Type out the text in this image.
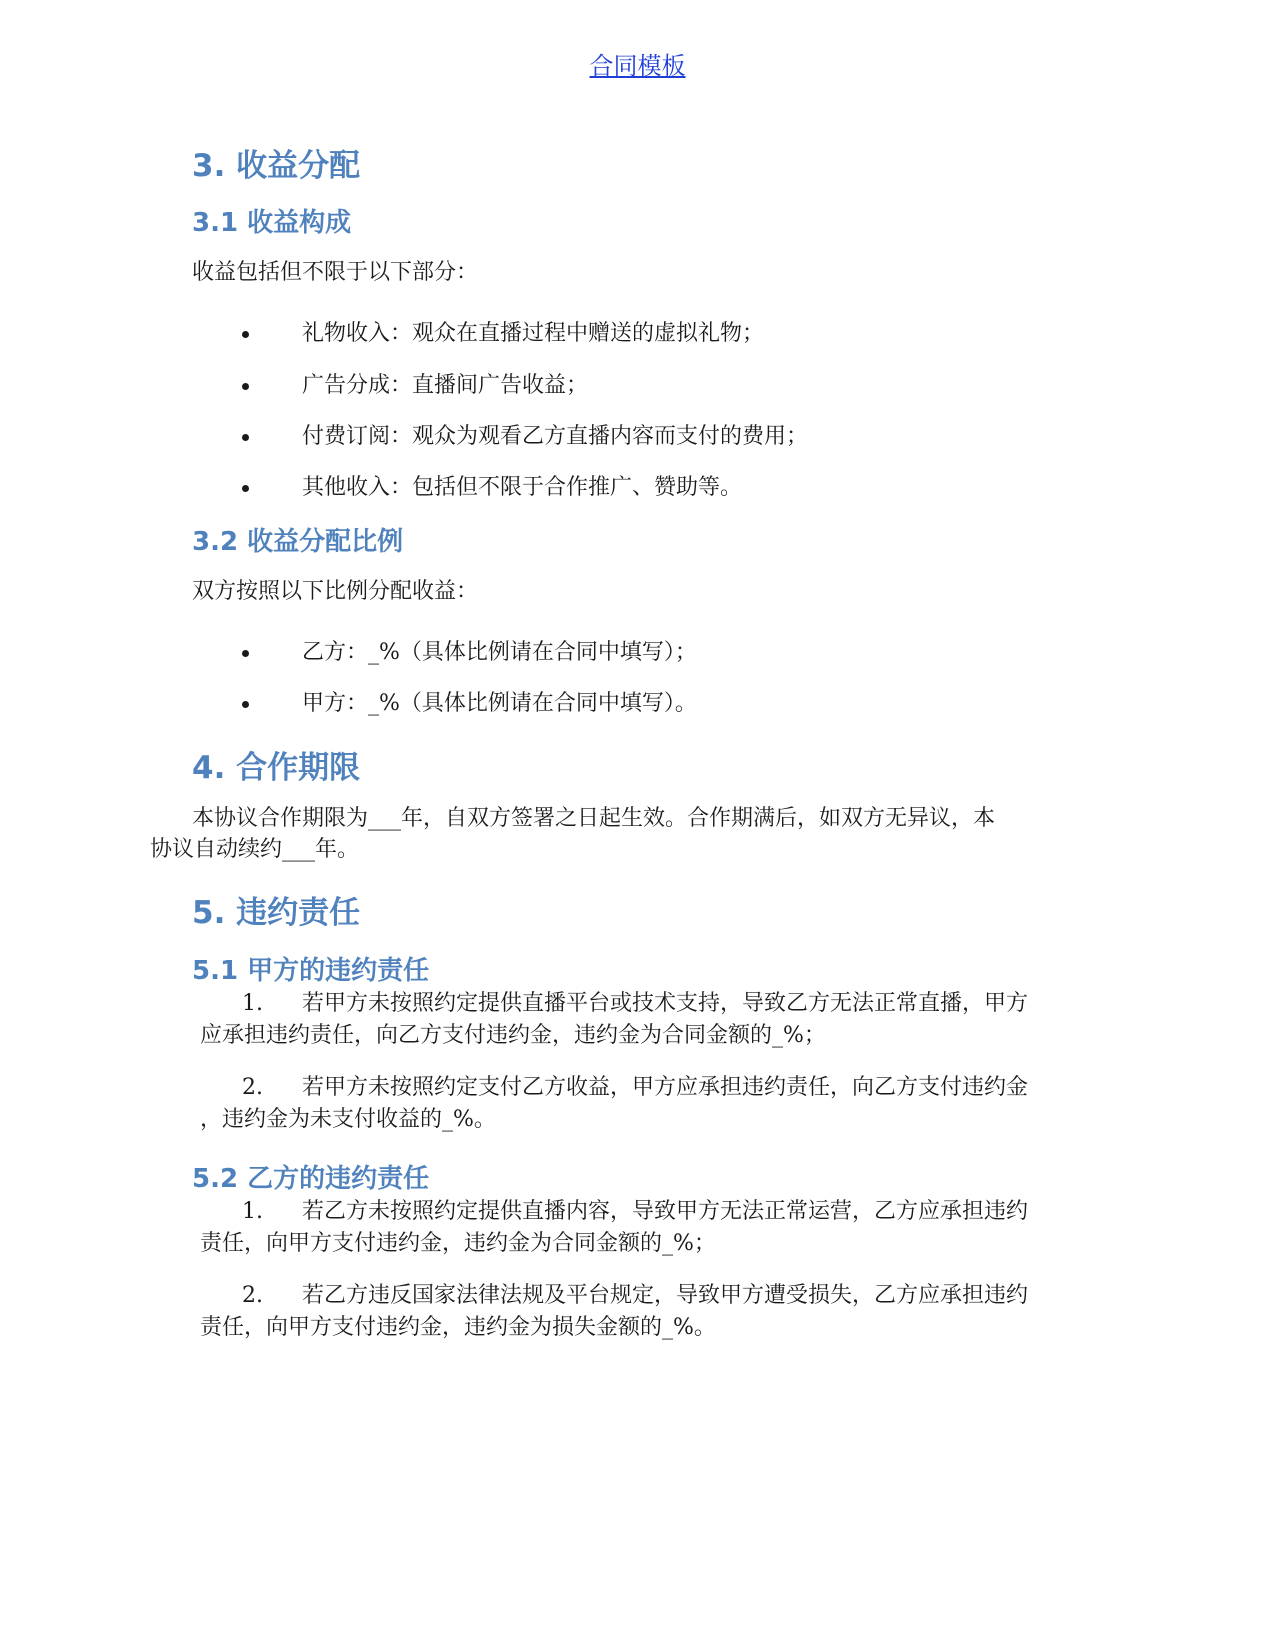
合同模板
3. 收益分配
3.1 收益构成
收益包括但不限于以下部分：
礼物收入：观众在直播过程中赠送的虚拟礼物；
广告分成：直播间广告收益；
付费订阅：观众为观看乙方直播内容而支付的费用；
其他收入：包括但不限于合作推广、赞助等。
3.2 收益分配比例
双方按照以下比例分配收益：
乙方：_%（具体比例请在合同中填写）；
甲方：_%（具体比例请在合同中填写）。
4. 合作期限
本协议合作期限为___年，自双方签署之日起生效。合作期满后，如双方无异议，本
协议自动续约___年。
5. 违约责任
5.1 甲方的违约责任
1. 若甲方未按照约定提供直播平台或技术支持，导致乙方无法正常直播，甲方
应承担违约责任，向乙方支付违约金，违约金为合同金额的_%；
2. 若甲方未按照约定支付乙方收益，甲方应承担违约责任，向乙方支付违约金
，违约金为未支付收益的_%。
5.2 乙方的违约责任
1. 若乙方未按照约定提供直播内容，导致甲方无法正常运营，乙方应承担违约
责任，向甲方支付违约金，违约金为合同金额的_%；
2. 若乙方违反国家法律法规及平台规定，导致甲方遭受损失，乙方应承担违约
责任，向甲方支付违约金，违约金为损失金额的_%。
